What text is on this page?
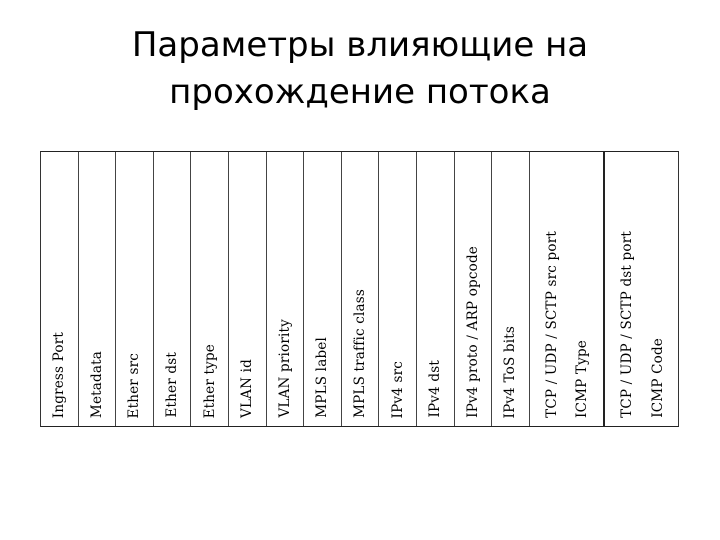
Параметры влияющие на
прохождение потока
Ingress Port Metadata Ether src Ether dst Ether type VLAN id VLAN priority MPLS label MPLS traffic class IPv4 src IPv4 dst IPv4 proto / ARP opcode IPv4 ToS bits TCP / UDP / SCTP src port ICMP Type TCP / UDP / SCTP dst port ICMP Code
